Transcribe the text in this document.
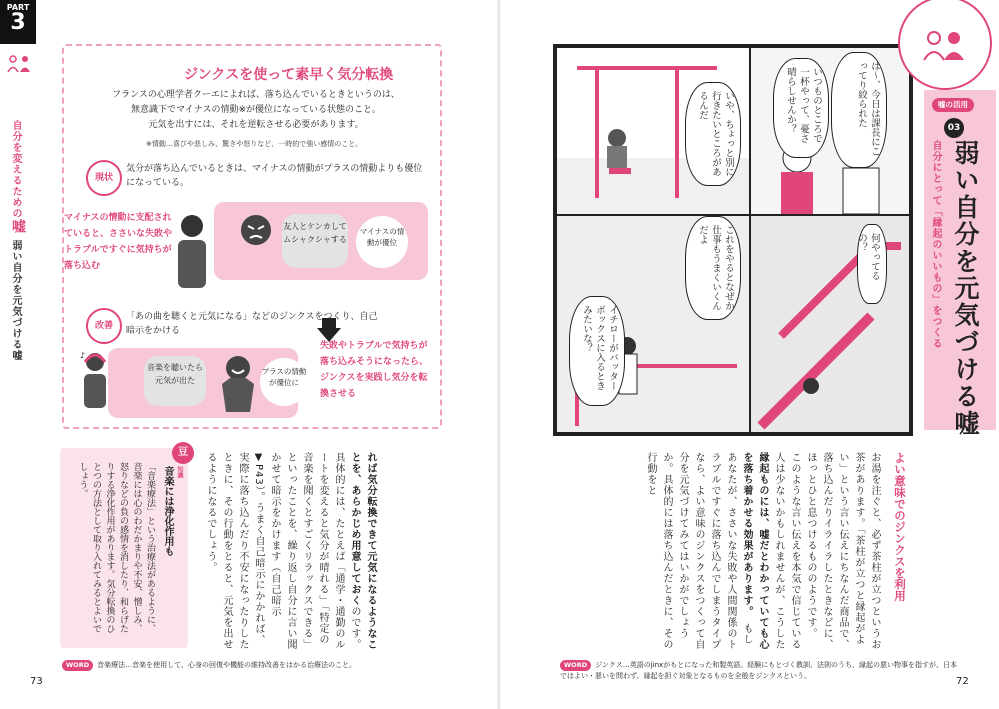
PART
3
自分を変えるための
嘘
弱い自分を元気づける嘘
ジンクスを使って素早く気分転換
フランスの心理学者クーエによれば、落ち込んでいるときというのは、
無意識下でマイナスの情動※が優位になっている状態のこと。
元気を出すには、それを逆転させる必要があります。
※情動…喜びや悲しみ、驚きや怒りなど、一時的で強い感情のこと。
現状
気分が落ち込んでいるときは、マイナスの情動がプラスの情動よりも優位になっている。
マイナスの情動に支配されていると、ささいな失敗やトラブルですぐに気持ちが落ち込む
友人とケンカしてムシャクシャする
マイナスの情動が優位
改善
「あの曲を聴くと元気になる」などのジンクスをつくり、自己暗示をかける
♪
音楽を聴いたら元気が出た
プラスの情動が優位に
失敗やトラブルで気持ちが落ち込みそうになったら、ジンクスを実践し気分を転換させる
豆
知識
音楽には浄化作用も
「音楽療法」という治療法があるように、音楽には心のわだかまりや不安、憎しみ、怒りなどの負の感情を消したり、和らげたりする浄化作用があります。気分転換のひとつの方法として取り入れてみるとよいでしょう。	れば気分転換できて元気になるようなことを、あらかじめ用意しておくのです。　具体的には、たとえば「通学・通勤のルートを変えると気分が晴れる」「特定の音楽を聞くとすごくリラックスできる」といったことを、繰り返し自分に言い聞かせて暗示をかけます（自己暗示▼P43）。うまく自己暗示にかかれば、実際に落ち込んだり不安になったりしたときに、その行動をとると、元気を出せるようになるでしょう。
WORD 音楽療法…音楽を使用して、心身の回復や機能の維持改善をはかる治療法のこと。
73
は～、今日は課長にこってり絞られた
いつものところで一杯やって、憂さ晴らしせんか？
いや、ちょっと別に行きたいところがあるんだ
これをやるとなぜか仕事もうまくいくんだよ	何やってるの？
イチローがバッターボックスに入るときみたいな？
嘘の活用
03
弱い自分を元気づける嘘
自分にとって「縁起のいいもの」をつくる
よい意味でのジンクスを利用
お湯を注ぐと、必ず茶柱が立つというお茶があります。「茶柱が立つと縁起がよい」という言い伝えにちなんだ商品で、落ち込んだりイライラしたときなどに、ほっとひと息つけるもののようです。　このような言い伝えを本気で信じている人は少ないかもしれませんが、こうした縁起ものには、嘘だとわかっていても心を落ち着かせる効果があります。　もしあなたが、ささいな失敗や人間関係のトラブルですぐに落ち込んでしまうタイプなら、よい意味のジンクスをつくって自分を元気づけてみてはいかがでしょうか。具体的には落ち込んだときに、その行動をと
WORD ジンクス…英語のjinxがもとになった和製英語。経験にもとづく教訓、法則のうち、縁起の悪い物事を指すが、日本ではよい・悪いを問わず、縁起を担ぐ対象となるものを全般をジンクスという。	72
